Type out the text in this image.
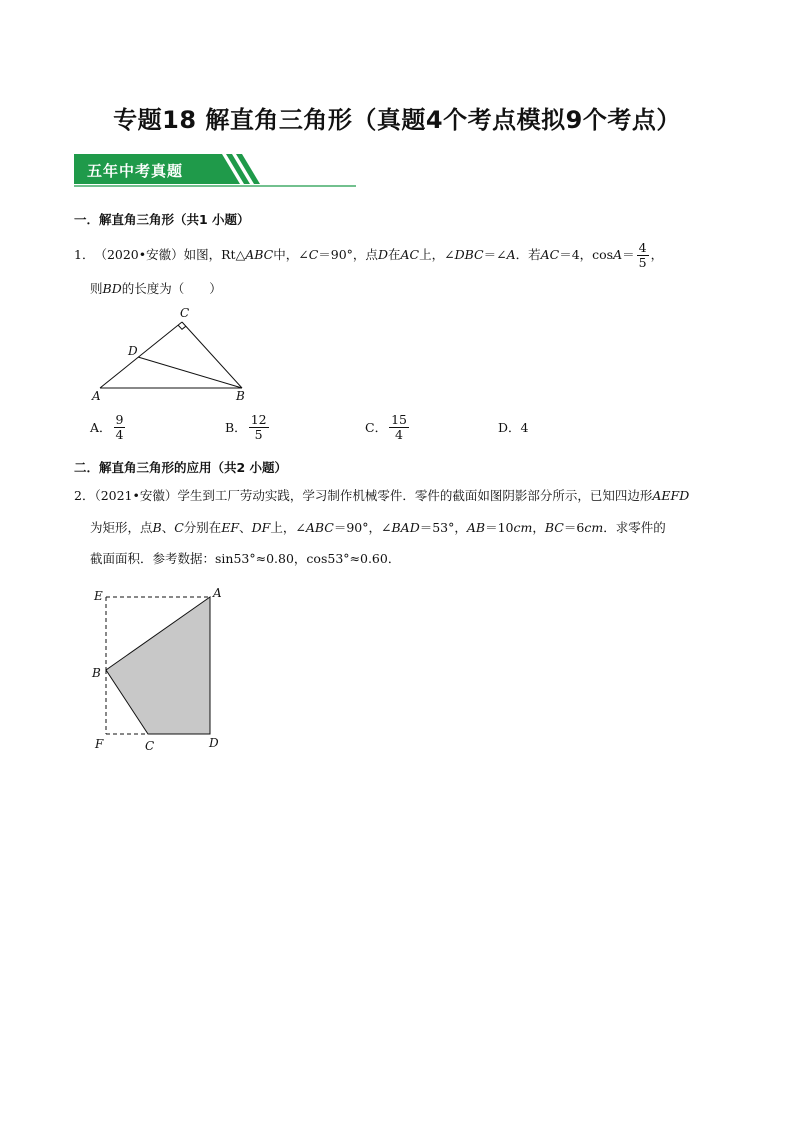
专题18 解直角三角形（真题4个考点模拟9个考点）
五年中考真题
一．解直角三角形（共1 小题）
1． （2020•安徽） 如图，Rt△ ABC 中，∠ C ＝90°，点 D 在 AC 上，∠ DBC ＝∠ A ．若 AC ＝4，$\cos A = \frac{4}{5}$ ，
则BD的长度为（　　）
A	B
C
D
A． $\frac{9}{4}$	B． $\frac{12}{5}$	C． $\frac{15}{4}$	D． 4
二．解直角三角形的应用（共2 小题）
2．（2021•安徽）学生到工厂劳动实践，学习制作机械零件．零件的截面如图阴影部分所示，已知四边形AEFD
为矩形，点B、C分别在EF、DF上，∠ABC＝90°，∠BAD＝53°，AB＝10cm，BC＝6cm．求零件的
截面面积．参考数据：sin53°≈0.80，cos53°≈0.60．
E	A
B
F	C	D
